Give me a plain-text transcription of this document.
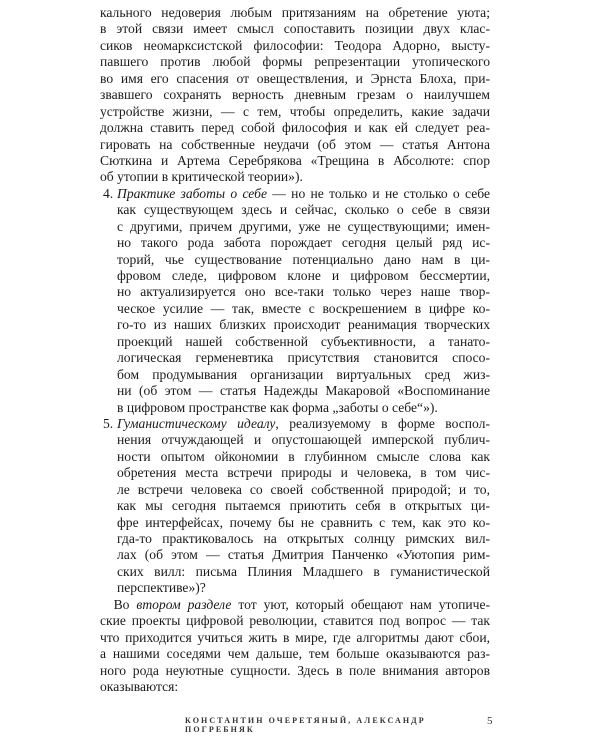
кального недоверия любым притязаниям на обретение уюта;
в этой связи имеет смысл сопоставить позиции двух клас-
сиков неомарксистской философии: Теодора Адорно, высту-
павшего против любой формы репрезентации утопического
во имя его спасения от овеществления, и Эрнста Блоха, при-
звавшего сохранять верность дневным грезам о наилучшем
устройстве жизни, — с тем, чтобы определить, какие задачи
должна ставить перед собой философия и как ей следует реа-
гировать на собственные неудачи (об этом — статья Антона
Сюткина и Артема Серебрякова «Трещина в Абсолюте: спор
об утопии в критической теории»).
4. Практике заботы о себе — но не только и не столько о себе
как существующем здесь и сейчас, сколько о себе в связи
с другими, причем другими, уже не существующими; имен-
но такого рода забота порождает сегодня целый ряд ис-
торий, чье существование потенциально дано нам в ци-
фровом следе, цифровом клоне и цифровом бессмертии,
но актуализируется оно все-таки только через наше твор-
ческое усилие — так, вместе с воскрешением в цифре ко-
го-то из наших близких происходит реанимация творческих
проекций нашей собственной субъективности, а танато-
логическая герменевтика присутствия становится спосо-
бом продумывания организации виртуальных сред жиз-
ни (об этом — статья Надежды Макаровой «Воспоминание
в цифровом пространстве как форма „заботы о себе“»).
5. Гуманистическому идеалу, реализуемому в форме воспол-
нения отчуждающей и опустошающей имперской публич-
ности опытом ойкономии в глубинном смысле слова как
обретения места встречи природы и человека, в том чис-
ле встречи человека со своей собственной природой; и то,
как мы сегодня пытаемся приютить себя в открытых ци-
фре интерфейсах, почему бы не сравнить с тем, как это ко-
гда-то практиковалось на открытых солнцу римских вил-
лах (об этом — статья Дмитрия Панченко «Уютопия рим-
ских вилл: письма Плиния Младшего в гуманистической
перспективе»)?
 Во втором разделе тот уют, который обещают нам утопиче-
ские проекты цифровой революции, ставится под вопрос — так
что приходится учиться жить в мире, где алгоритмы дают сбои,
а нашими соседями чем дальше, тем больше оказываются раз-
ного рода неуютные сущности. Здесь в поле внимания авторов
оказываются:
КОНСТАНТИН ОЧЕРЕТЯНЫЙ, АЛЕКСАНДР ПОГРЕБНЯК
5
